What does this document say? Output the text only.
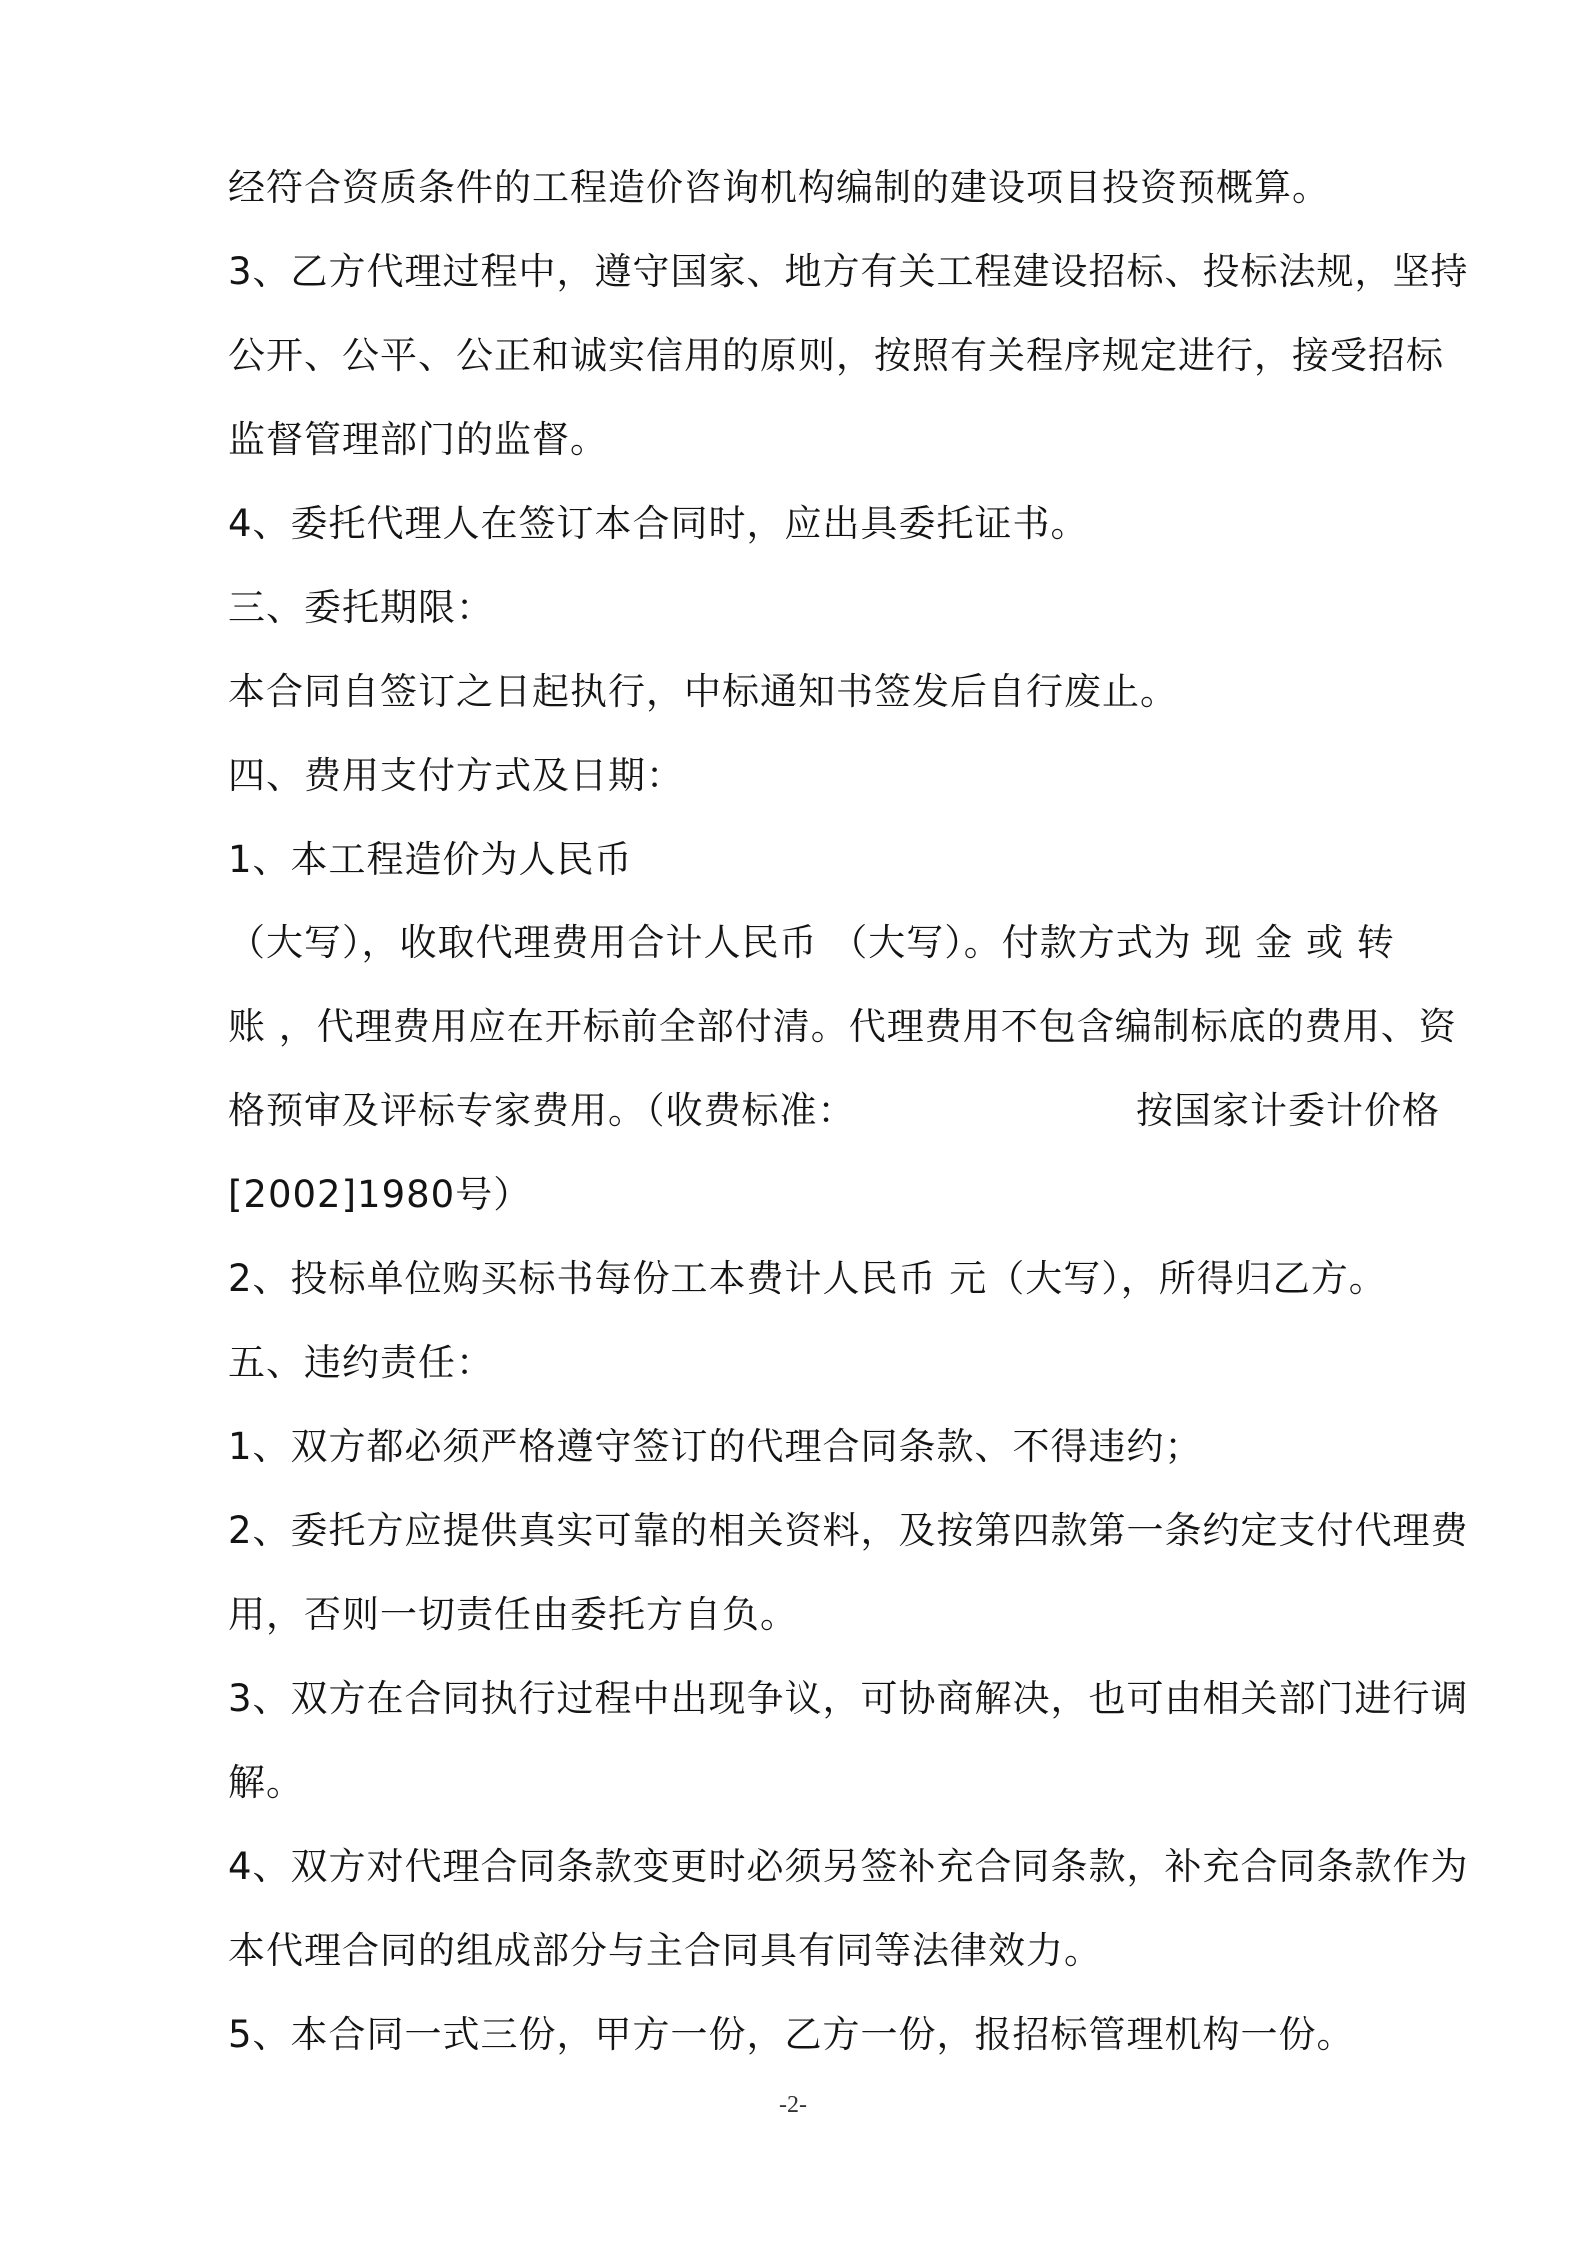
经符合资质条件的工程造价咨询机构编制的建设项目投资预概算。
3、乙方代理过程中，遵守国家、地方有关工程建设招标、投标法规，坚持
公开、公平、公正和诚实信用的原则，按照有关程序规定进行，接受招标
监督管理部门的监督。
4、委托代理人在签订本合同时，应出具委托证书。
三、委托期限：
本合同自签订之日起执行，中标通知书签发后自行废止。
四、费用支付方式及日期：
1、本工程造价为人民币
（大写），收取代理费用合计人民币 （大写）。付款方式为 现 金 或 转
账 ，代理费用应在开标前全部付清。代理费用不包含编制标底的费用、资
格预审及评标专家费用。（收费标准：	按国家计委计价格
[2002]1980号）
2、投标单位购买标书每份工本费计人民币 元（大写），所得归乙方。
五、违约责任：
1、双方都必须严格遵守签订的代理合同条款、不得违约；
2、委托方应提供真实可靠的相关资料，及按第四款第一条约定支付代理费
用，否则一切责任由委托方自负。
3、双方在合同执行过程中出现争议，可协商解决，也可由相关部门进行调
解。
4、双方对代理合同条款变更时必须另签补充合同条款，补充合同条款作为
本代理合同的组成部分与主合同具有同等法律效力。
5、本合同一式三份，甲方一份，乙方一份，报招标管理机构一份。
-2-
